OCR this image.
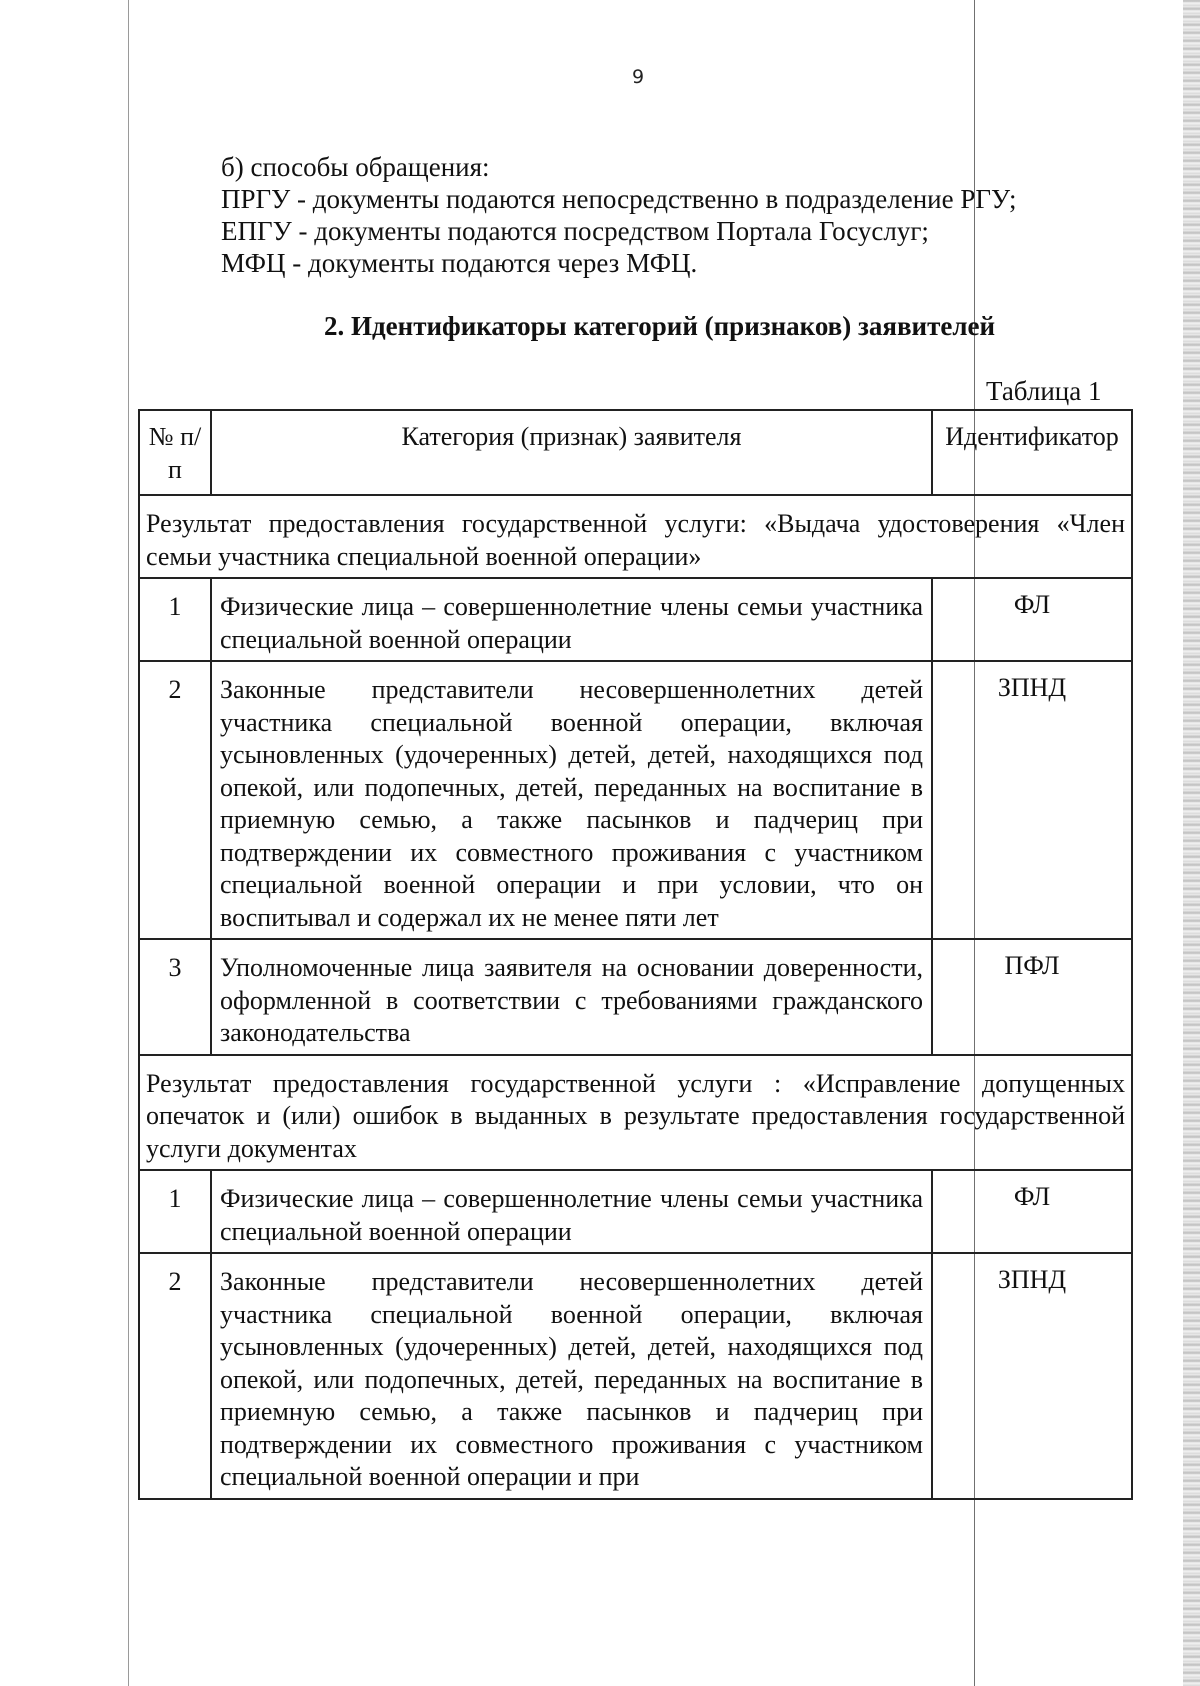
9
б) способы обращения:
ПРГУ - документы подаются непосредственно в подразделение РГУ;
ЕПГУ - документы подаются посредством Портала Госуслуг;
МФЦ - документы подаются через МФЦ.
2. Идентификаторы категорий (признаков) заявителей
Таблица 1
№ п/п	Категория (признак) заявителя	Идентификатор
Результат предоставления государственной услуги: «Выдача удостоверения «Член семьи участника специальной военной операции»		
1	Физические лица – совершеннолетние члены семьи участника специальной военной операции	ФЛ
2	Законные представители несовершеннолетних детей участника специальной военной операции, включая усыновленных (удочеренных) детей, детей, находящихся под опекой, или подопечных, детей, переданных на воспитание в приемную семью, а также пасынков и падчериц при подтверждении их совместного проживания с участником специальной военной операции и при условии, что он воспитывал и содержал их не менее пяти лет	ЗПНД
3	Уполномоченные лица заявителя на основании доверенности, оформленной в соответствии с требованиями гражданского законодательства	ПФЛ
Результат предоставления государственной услуги : «Исправление допущенных опечаток и (или) ошибок в выданных в результате предоставления государственной услуги документах		
1	Физические лица – совершеннолетние члены семьи участника специальной военной операции	ФЛ
2	Законные представители несовершеннолетних детей участника специальной военной операции, включая усыновленных (удочеренных) детей, детей, находящихся под опекой, или подопечных, детей, переданных на воспитание в приемную семью, а также пасынков и падчериц при подтверждении их совместного проживания с участником специальной военной операции и при	ЗПНД
